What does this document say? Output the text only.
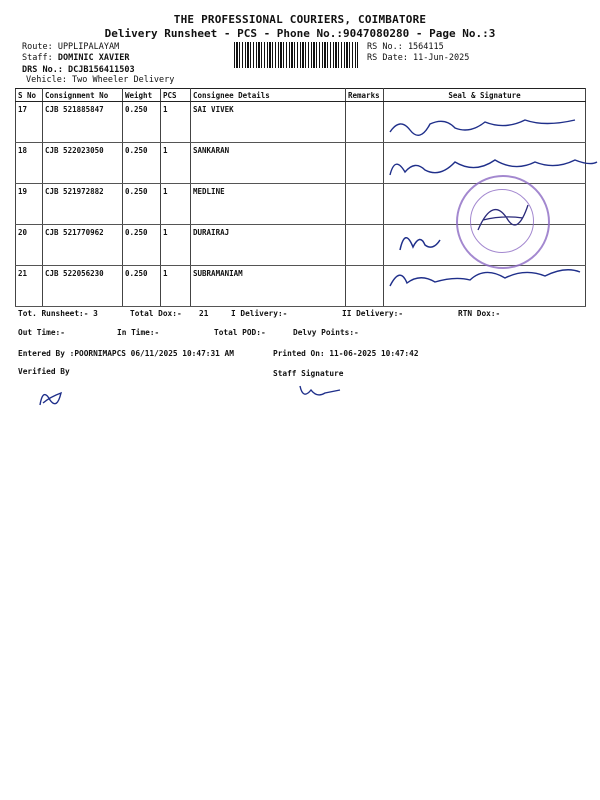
THE PROFESSIONAL COURIERS, COIMBATORE
Delivery Runsheet - PCS - Phone No.:9047080280 - Page No.:3
Route: UPPLIPALAYAM
Staff: DOMINIC XAVIER
DRS No.: DCJB156411503
Vehicle: Two Wheeler Delivery
RS No.: 1564115
RS Date: 11-Jun-2025
S No	Consignment No	Weight	PCS	Consignee Details	Remarks	Seal & Signature
17	CJB 521885847	0.250	1	SAI VIVEK		
18	CJB 522023050	0.250	1	SANKARAN		
19	CJB 521972882	0.250	1	MEDLINE		
20	CJB 521770962	0.250	1	DURAIRAJ		
21	CJB 522056230	0.250	1	SUBRAMANIAM		
Tot. Runsheet:- 3	Total Dox:- 21	I Delivery:-	II Delivery:-	RTN Dox:-
Out Time:-	In Time:-	Total POD:-	Delvy Points:-
Entered By :POORNIMAPCS 06/11/2025 10:47:31 AM	Printed On: 11-06-2025 10:47:42
Verified By	Staff Signature
